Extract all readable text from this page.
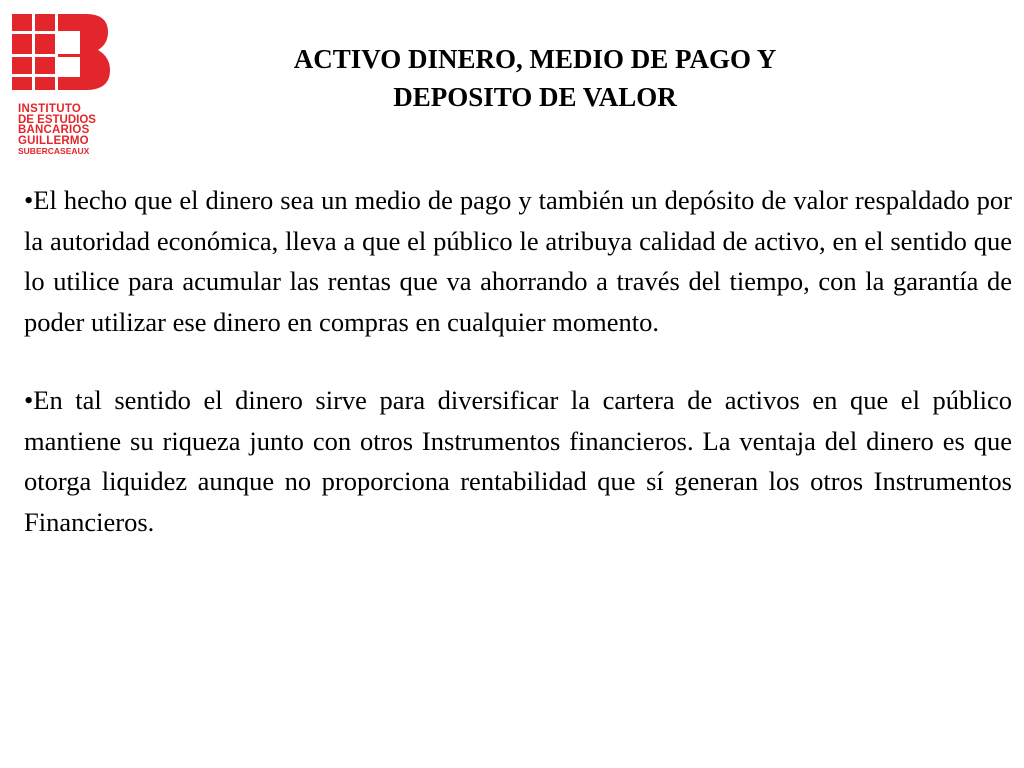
INSTITUTO
DE ESTUDIOS
BANCARIOS
GUILLERMO
SUBERCASEAUX
ACTIVO DINERO, MEDIO DE PAGO Y
DEPOSITO DE VALOR

•El hecho que el dinero sea un medio de pago y también un depósito de valor respaldado por la autoridad económica, lleva a que el público le atribuya calidad de activo, en el sentido que lo utilice para acumular las rentas que va ahorrando a través del tiempo, con la garantía de poder utilizar ese dinero en compras en cualquier momento.

•En tal sentido el dinero sirve para diversificar la cartera de activos en que el público mantiene su riqueza junto con otros Instrumentos financieros. La ventaja del dinero es que otorga liquidez aunque no proporciona rentabilidad que sí generan los otros Instrumentos Financieros.
